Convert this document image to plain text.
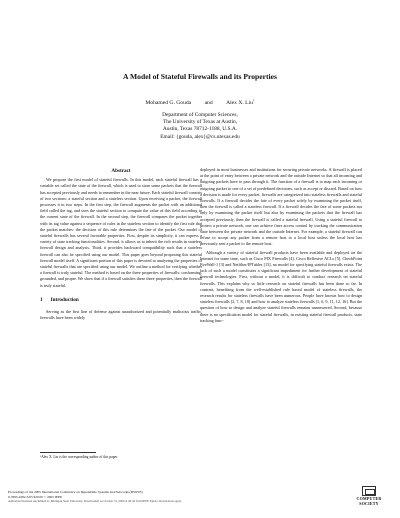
A Model of Stateful Firewalls and its Properties
Mohamed G. Gouda and Alex X. Liu$^1$
Department of Computer Sciences,
The University of Texas at Austin,
Austin, Texas 78712-1188, U.S.A.
Email: {gouda, alex}@cs.utexas.edu
Abstract

We propose the first model of stateful firewalls. In this model, each stateful firewall has a variable set called the state of the firewall, which is used to store some packets that the firewall has accepted previously and needs to remember in the near future. Each stateful firewall consists of two sections: a stateful section and a stateless section. Upon receiving a packet, the firewall processes it in two steps. In the first step, the firewall augments the packet with an additional field called the tag, and uses the stateful section to compute the value of this field according to the current state of the firewall. In the second step, the firewall compares the packet together with its tag value against a sequence of rules in the stateless section to identify the first rule that the packet matches: the decision of this rule determines the fate of the packet. Our model of stateful firewalls has several favorable properties. First, despite its simplicity, it can express a variety of state tracking functionalities. Second, it allows us to inherit the rich results in stateless firewall design and analysis. Third, it provides backward compatibility such that a stateless firewall can also be specified using our model. This paper goes beyond proposing this stateful firewall model itself. A significant portion of this paper is devoted to analyzing the properties of stateful firewalls that are specified using our model. We outline a method for verifying whether a firewall is truly stateful. The method is based on the three properties of firewalls: conforming, grounded, and proper. We show that if a firewall satisfies these three properties, then the firewall is truly stateful.

1 Introduction

Serving as the first line of defense against unauthorized and potentially malicious traffic, firewalls have been widely

deployed in most businesses and institutions for securing private networks. A firewall is placed at the point of entry between a private network and the outside Internet so that all incoming and outgoing packets have to pass through it. The function of a firewall is to map each incoming or outgoing packet to one of a set of predefined decisions, such as accept or discard. Based on how a decision is made for every packet, firewalls are categorized into stateless firewalls and stateful firewalls. If a firewall decides the fate of every packet solely by examining the packet itself, then the firewall is called a stateless firewall. If a firewall decides the fate of some packets not only by examining the packet itself but also by examining the packets that the firewall has accepted previously, then the firewall is called a stateful firewall. Using a stateful firewall to protect a private network, one can achieve finer access control by tracking the communication state between the private network and the outside Internet. For example, a stateful firewall can refuse to accept any packet from a remote host to a local host unless the local host has previously sent a packet to the remote host.

Although a variety of stateful firewall products have been available and deployed on the Internet for some time, such as Cisco PIX Firewalls [4], Cisco Reflexive ACLs [5], CheckPoint FireWall-1 [3] and Netfilter/IPTables [13], no model for specifying stateful firewalls exists. The lack of such a model constitutes a significant impediment for further development of stateful firewall technologies. First, without a model, it is difficult to conduct research on stateful firewalls. This explains why so little research on stateful firewalls has been done so far. In contrast, benefiting from the well-established rule based model of stateless firewalls, the research results for stateless firewalls have been numerous. People have known how to design stateless firewalls [2, 7, 8, 10] and how to analyze stateless firewalls [1, 6, 9, 11, 12, 16]. But the question of how to design and analyze stateful firewalls remains unanswered. Second, because there is no specification model for stateful firewalls, in existing stateful firewall products, state tracking func-

¹Alex X. Liu is the corresponding author of this paper.
Proceedings of the 2005 International Conference on Dependable Systems and Networks (DSN'05)
0-7695-2282-3/05 $20.00 © 2005 IEEE
Authorized licensed use limited to: Michigan State University. Downloaded on October 31, 2009 at 20:34 from IEEE Xplore. Restrictions apply.
COMPUTER
SOCIETY
